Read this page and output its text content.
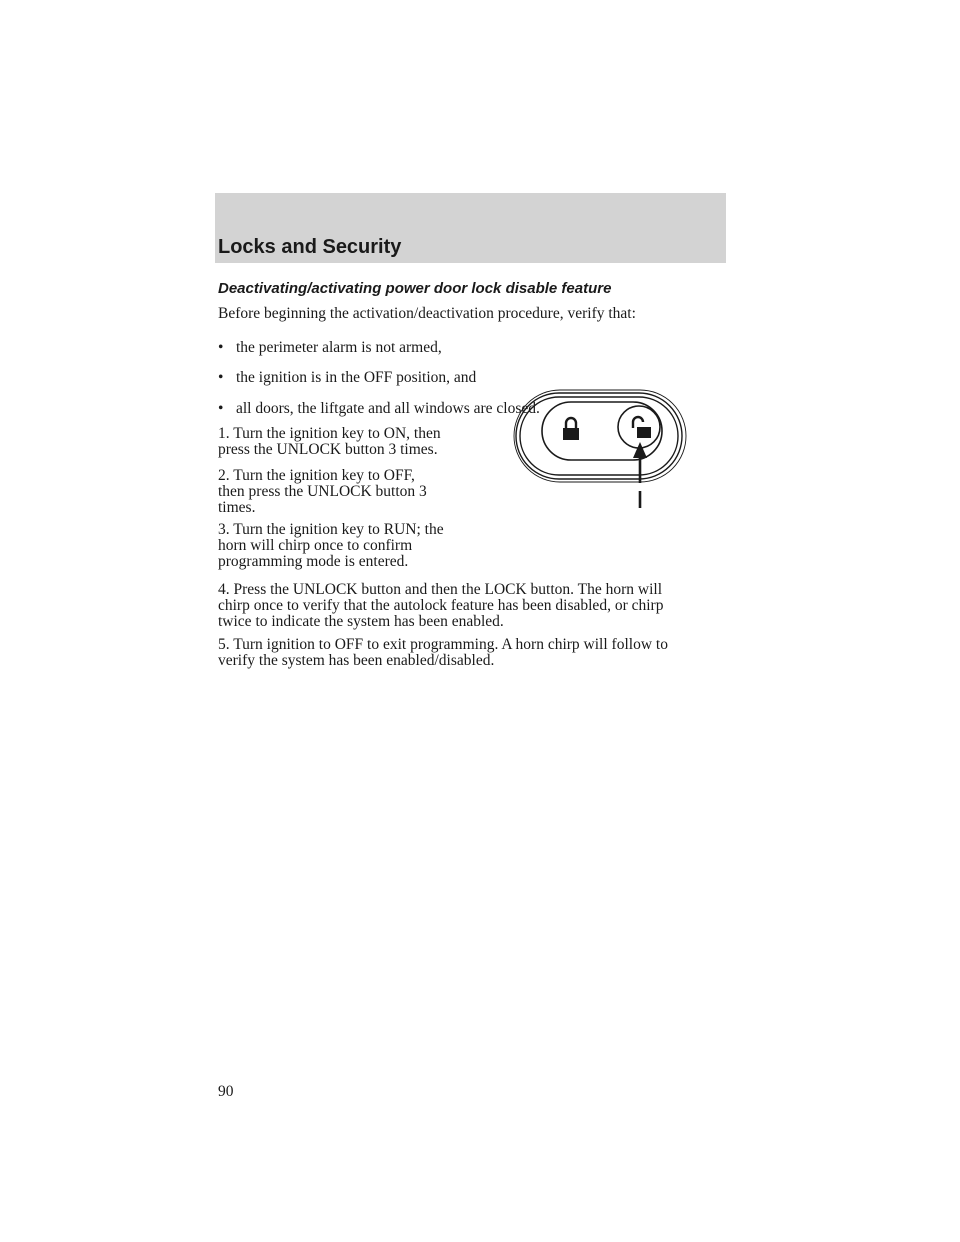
Locks and Security
Deactivating/activating power door lock disable feature

Before beginning the activation/deactivation procedure, verify that:

• the perimeter alarm is not armed,

• the ignition is in the OFF position, and

• all doors, the liftgate and all windows are closed.

1. Turn the ignition key to ON, then
press the UNLOCK button 3 times.
2. Turn the ignition key to OFF,
then press the UNLOCK button 3
times.
3. Turn the ignition key to RUN; the
horn will chirp once to confirm
programming mode is entered.
4. Press the UNLOCK button and then the LOCK button. The horn will
chirp once to verify that the autolock feature has been disabled, or chirp
twice to indicate the system has been enabled.
5. Turn ignition to OFF to exit programming. A horn chirp will follow to
verify the system has been enabled/disabled.

90
